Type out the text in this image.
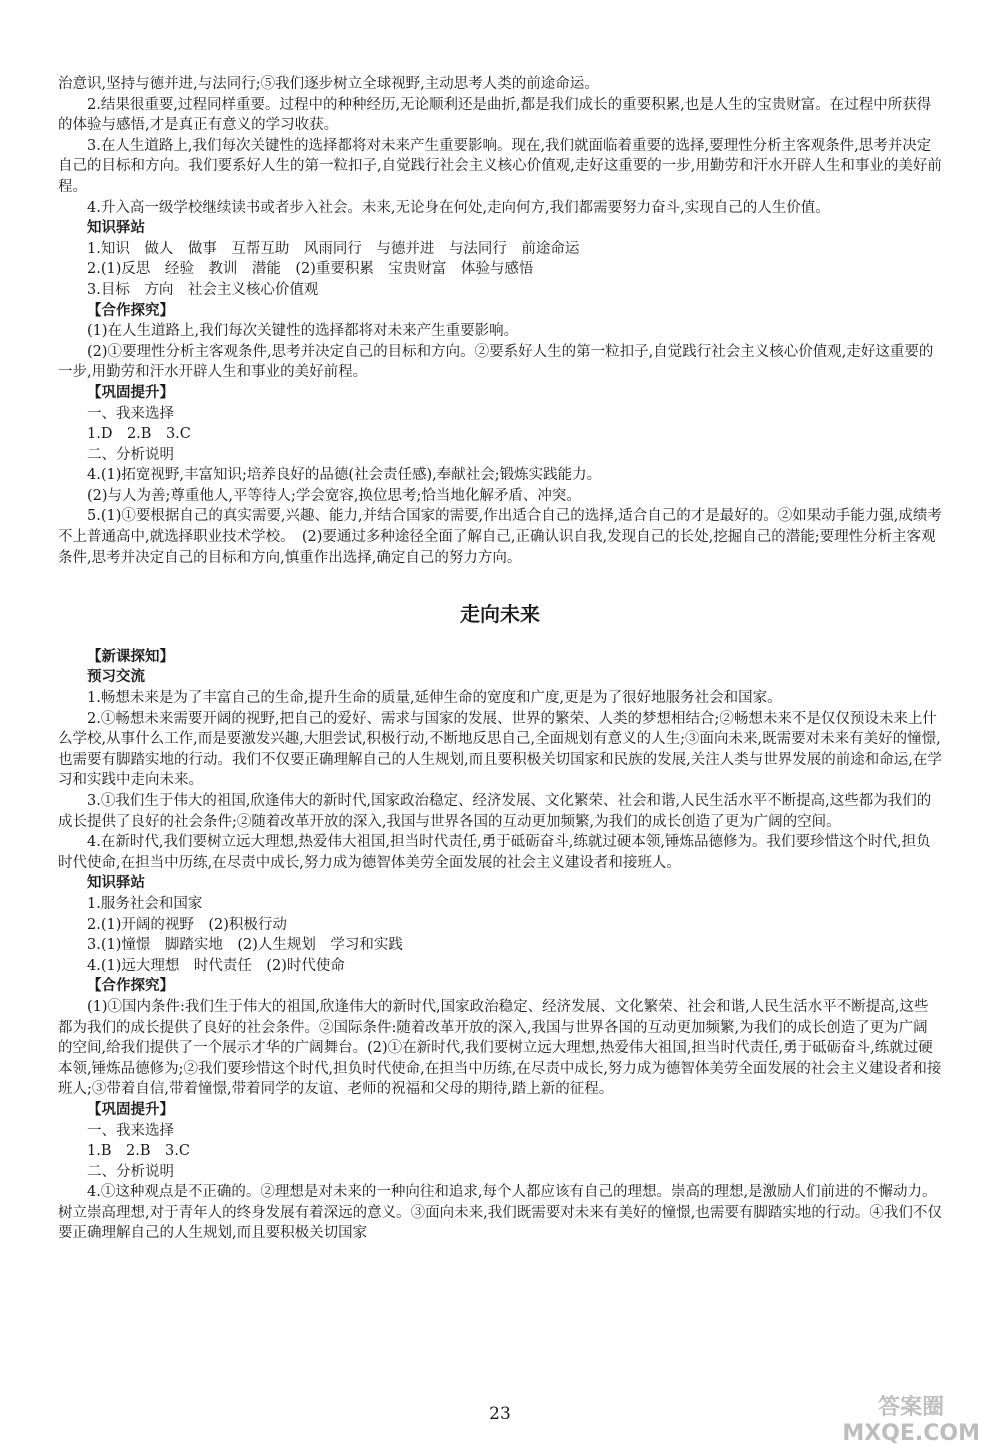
治意识,坚持与德并进,与法同行;⑤我们逐步树立全球视野,主动思考人类的前途命运。

2.结果很重要,过程同样重要。过程中的种种经历,无论顺利还是曲折,都是我们成长的重要积累,也是人生的宝贵财富。在过程中所获得的体验与感悟,才是真正有意义的学习收获。

3.在人生道路上,我们每次关键性的选择都将对未来产生重要影响。现在,我们就面临着重要的选择,要理性分析主客观条件,思考并决定自己的目标和方向。我们要系好人生的第一粒扣子,自觉践行社会主义核心价值观,走好这重要的一步,用勤劳和汗水开辟人生和事业的美好前程。

4.升入高一级学校继续读书或者步入社会。未来,无论身在何处,走向何方,我们都需要努力奋斗,实现自己的人生价值。

知识驿站

1.知识　做人　做事　互帮互助　风雨同行　与德并进　与法同行　前途命运

2.(1)反思　经验　教训　潜能　(2)重要积累　宝贵财富　体验与感悟

3.目标　方向　社会主义核心价值观

【合作探究】

(1)在人生道路上,我们每次关键性的选择都将对未来产生重要影响。

(2)①要理性分析主客观条件,思考并决定自己的目标和方向。②要系好人生的第一粒扣子,自觉践行社会主义核心价值观,走好这重要的一步,用勤劳和汗水开辟人生和事业的美好前程。

【巩固提升】

一、我来选择

1.D　2.B　3.C

二、分析说明

4.(1)拓宽视野,丰富知识;培养良好的品德(社会责任感),奉献社会;锻炼实践能力。

(2)与人为善;尊重他人,平等待人;学会宽容,换位思考;恰当地化解矛盾、冲突。

5.(1)①要根据自己的真实需要,兴趣、能力,并结合国家的需要,作出适合自己的选择,适合自己的才是最好的。②如果动手能力强,成绩考不上普通高中,就选择职业技术学校。　(2)要通过多种途径全面了解自己,正确认识自我,发现自己的长处,挖掘自己的潜能;要理性分析主客观条件,思考并决定自己的目标和方向,慎重作出选择,确定自己的努力方向。

走向未来

【新课探知】

预习交流

1.畅想未来是为了丰富自己的生命,提升生命的质量,延伸生命的宽度和广度,更是为了很好地服务社会和国家。

2.①畅想未来需要开阔的视野,把自己的爱好、需求与国家的发展、世界的繁荣、人类的梦想相结合;②畅想未来不是仅仅预设未来上什么学校,从事什么工作,而是要激发兴趣,大胆尝试,积极行动,不断地反思自己,全面规划有意义的人生;③面向未来,既需要对未来有美好的憧憬,也需要有脚踏实地的行动。我们不仅要正确理解自己的人生规划,而且要积极关切国家和民族的发展,关注人类与世界发展的前途和命运,在学习和实践中走向未来。

3.①我们生于伟大的祖国,欣逢伟大的新时代,国家政治稳定、经济发展、文化繁荣、社会和谐,人民生活水平不断提高,这些都为我们的成长提供了良好的社会条件;②随着改革开放的深入,我国与世界各国的互动更加频繁,为我们的成长创造了更为广阔的空间。

4.在新时代,我们要树立远大理想,热爱伟大祖国,担当时代责任,勇于砥砺奋斗,练就过硬本领,锤炼品德修为。我们要珍惜这个时代,担负时代使命,在担当中历练,在尽责中成长,努力成为德智体美劳全面发展的社会主义建设者和接班人。

知识驿站

1.服务社会和国家

2.(1)开阔的视野　(2)积极行动

3.(1)憧憬　脚踏实地　(2)人生规划　学习和实践

4.(1)远大理想　时代责任　(2)时代使命

【合作探究】

(1)①国内条件:我们生于伟大的祖国,欣逢伟大的新时代,国家政治稳定、经济发展、文化繁荣、社会和谐,人民生活水平不断提高,这些都为我们的成长提供了良好的社会条件。②国际条件:随着改革开放的深入,我国与世界各国的互动更加频繁,为我们的成长创造了更为广阔的空间,给我们提供了一个展示才华的广阔舞台。(2)①在新时代,我们要树立远大理想,热爱伟大祖国,担当时代责任,勇于砥砺奋斗,练就过硬本领,锤炼品德修为;②我们要珍惜这个时代,担负时代使命,在担当中历练,在尽责中成长,努力成为德智体美劳全面发展的社会主义建设者和接班人;③带着自信,带着憧憬,带着同学的友谊、老师的祝福和父母的期待,踏上新的征程。

【巩固提升】

一、我来选择

1.B　2.B　3.C

二、分析说明

4.①这种观点是不正确的。②理想是对未来的一种向往和追求,每个人都应该有自己的理想。崇高的理想,是激励人们前进的不懈动力。树立崇高理想,对于青年人的终身发展有着深远的意义。③面向未来,我们既需要对未来有美好的憧憬,也需要有脚踏实地的行动。④我们不仅要正确理解自己的人生规划,而且要积极关切国家

23	答案圈
MXQE.COM
